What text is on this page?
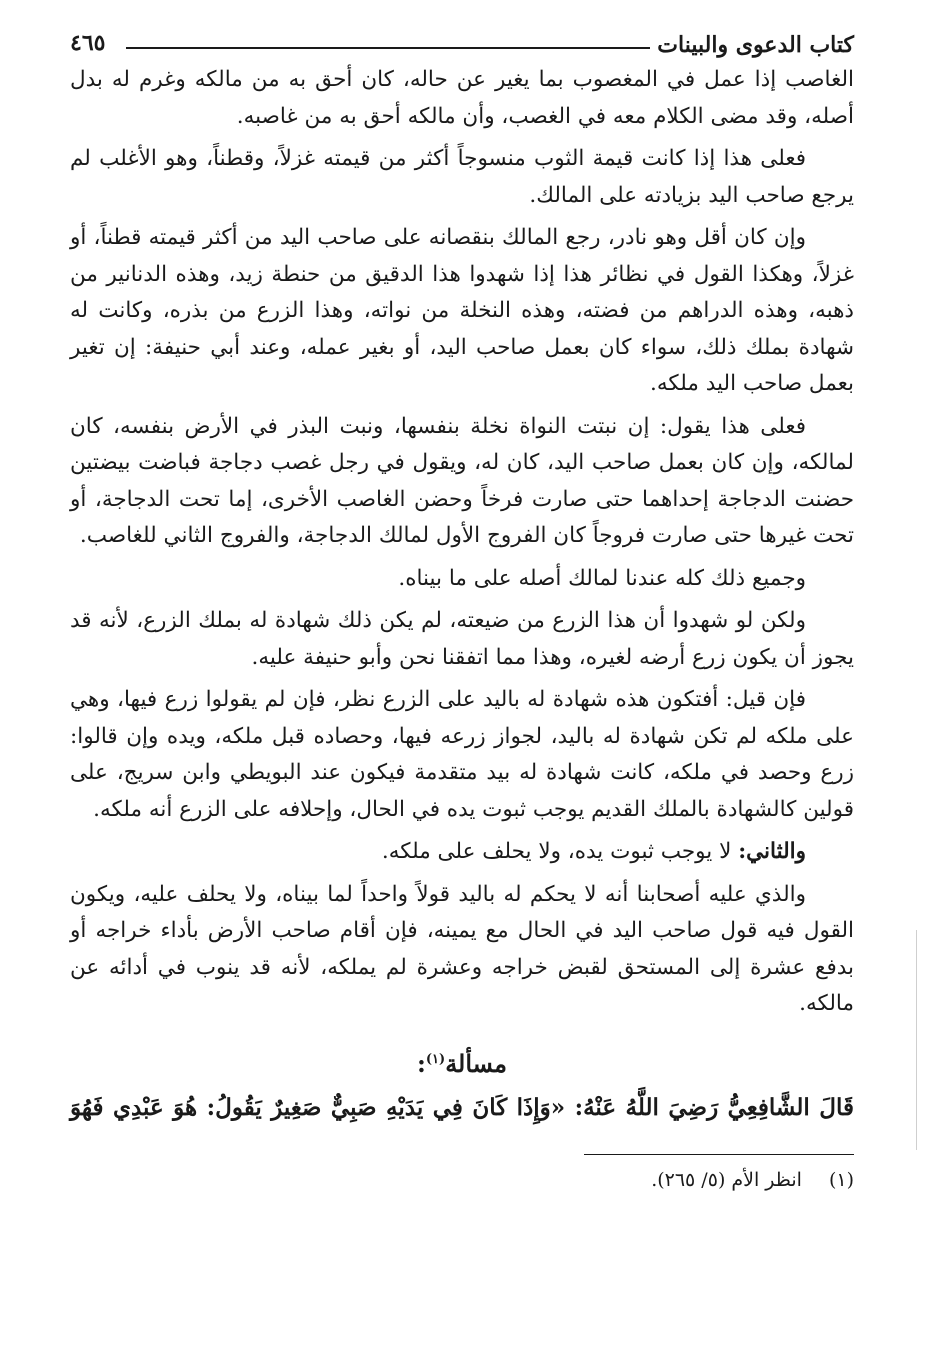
كتاب الدعوى والبينات
٤٦٥

الغاصب إذا عمل في المغصوب بما يغير عن حاله، كان أحق به من مالكه وغرم له بدل أصله، وقد مضى الكلام معه في الغصب، وأن مالكه أحق به من غاصبه.

فعلى هذا إذا كانت قيمة الثوب منسوجاً أكثر من قيمته غزلاً، وقطناً، وهو الأغلب لم يرجع صاحب اليد بزيادته على المالك.

وإن كان أقل وهو نادر، رجع المالك بنقصانه على صاحب اليد من أكثر قيمته قطناً، أو غزلاً، وهكذا القول في نظائر هذا إذا شهدوا هذا الدقيق من حنطة زيد، وهذه الدنانير من ذهبه، وهذه الدراهم من فضته، وهذه النخلة من نواته، وهذا الزرع من بذره، وكانت له شهادة بملك ذلك، سواء كان بعمل صاحب اليد، أو بغير عمله، وعند أبي حنيفة: إن تغير بعمل صاحب اليد ملكه.

فعلى هذا يقول: إن نبتت النواة نخلة بنفسها، ونبت البذر في الأرض بنفسه، كان لمالكه، وإن كان بعمل صاحب اليد، كان له، ويقول في رجل غصب دجاجة فباضت بيضتين حضنت الدجاجة إحداهما حتى صارت فرخاً وحضن الغاصب الأخرى، إما تحت الدجاجة، أو تحت غيرها حتى صارت فروجاً كان الفروج الأول لمالك الدجاجة، والفروج الثاني للغاصب.

وجميع ذلك كله عندنا لمالك أصله على ما بيناه.

ولكن لو شهدوا أن هذا الزرع من ضيعته، لم يكن ذلك شهادة له بملك الزرع، لأنه قد يجوز أن يكون زرع أرضه لغيره، وهذا مما اتفقنا نحن وأبو حنيفة عليه.

فإن قيل: أفتكون هذه شهادة له باليد على الزرع نظر، فإن لم يقولوا زرع فيها، وهي على ملكه لم تكن شهادة له باليد، لجواز زرعه فيها، وحصاده قبل ملكه، ويده وإن قالوا: زرع وحصد في ملكه، كانت شهادة له بيد متقدمة فيكون عند البويطي وابن سريج، على قولين كالشهادة بالملك القديم يوجب ثبوت يده في الحال، وإحلافه على الزرع أنه ملكه.

والثاني: لا يوجب ثبوت يده، ولا يحلف على ملكه.

والذي عليه أصحابنا أنه لا يحكم له باليد قولاً واحداً لما بيناه، ولا يحلف عليه، ويكون القول فيه قول صاحب اليد في الحال مع يمينه، فإن أقام صاحب الأرض بأداء خراجه أو بدفع عشرة إلى المستحق لقبض خراجه وعشرة لم يملكه، لأنه قد ينوب في أدائه عن مالكه.

مسألة$^{(١)}$:
قَالَ الشَّافِعِيُّ رَضِيَ اللَّهُ عَنْهُ: «وَإِذَا كَانَ فِي يَدَيْهِ صَبِيٌّ صَغِيرٌ يَقُولُ: هُوَ عَبْدِي فَهُوَ
(١) انظر الأم (٥/ ٢٦٥).
